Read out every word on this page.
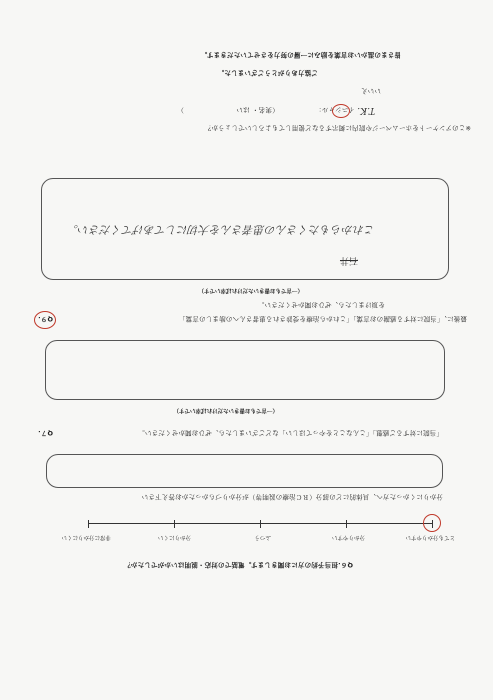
皆さまの温かいお言葉を励みに一層の努力をさせていただきます。
ご協力ありがとうございました。
いいえ
T.K. イニシャル： （実名・ はい ）
※このアンケートをホームページや院内に掲示するなど使用してもよろしいでしょうか？
これからもたくさんの患者さんを大切にしてあげてください。
石井
（一言でもお書きいただければ幸いです）
を頂けましたら、ぜひお聞かせください。
最後に、「当院に対する感謝のお言葉」「これから治療を受診される患者さんへの励ましの言葉」
Q９.
（一言でもお書きいただければ幸いです）
「当院に対するご感想」「こんなことをやってほしい」などございましたら、ぜひお聞かせください。
Q７.
分かりにくかった方へ、具体的にどの部分（ＲＣ治療の説明等）が分かりづらかったかお答え下さい
とても分かりやすい
分かりやすい
ふつう
分かりにくい
非常に分かりにくい
Q６.担当予約の方にお聞きします。電話での対応・説明はいかがでしたか？
